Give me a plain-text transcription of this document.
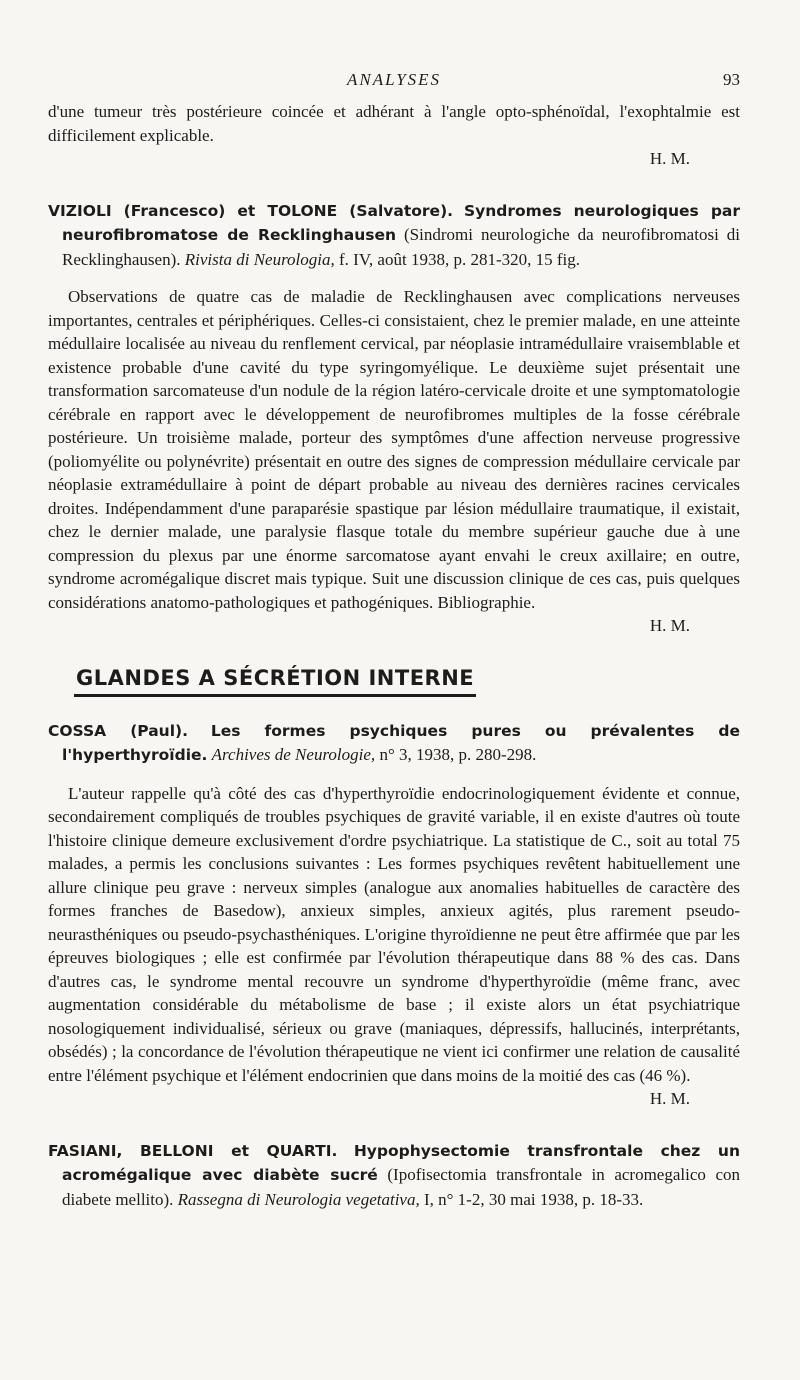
ANALYSES	93

d'une tumeur très postérieure coincée et adhérant à l'angle opto-sphénoïdal, l'exophtalmie est difficilement explicable.

H. M.

VIZIOLI (Francesco) et TOLONE (Salvatore). Syndromes neurologiques par neurofibromatose de Recklinghausen (Sindromi neurologiche da neurofibromatosi di Recklinghausen). Rivista di Neurologia, f. IV, août 1938, p. 281-320, 15 fig.

Observations de quatre cas de maladie de Recklinghausen avec complications nerveuses importantes, centrales et périphériques. Celles-ci consistaient, chez le premier malade, en une atteinte médullaire localisée au niveau du renflement cervical, par néoplasie intramédullaire vraisemblable et existence probable d'une cavité du type syringomyélique. Le deuxième sujet présentait une transformation sarcomateuse d'un nodule de la région latéro-cervicale droite et une symptomatologie cérébrale en rapport avec le développement de neurofibromes multiples de la fosse cérébrale postérieure. Un troisième malade, porteur des symptômes d'une affection nerveuse progressive (poliomyélite ou polynévrite) présentait en outre des signes de compression médullaire cervicale par néoplasie extramédullaire à point de départ probable au niveau des dernières racines cervicales droites. Indépendamment d'une paraparésie spastique par lésion médullaire traumatique, il existait, chez le dernier malade, une paralysie flasque totale du membre supérieur gauche due à une compression du plexus par une énorme sarcomatose ayant envahi le creux axillaire; en outre, syndrome acromégalique discret mais typique. Suit une discussion clinique de ces cas, puis quelques considérations anatomo-pathologiques et pathogéniques. Bibliographie.

H. M.

GLANDES A SÉCRÉTION INTERNE

COSSA (Paul). Les formes psychiques pures ou prévalentes de l'hyperthyroïdie. Archives de Neurologie, n° 3, 1938, p. 280-298.

L'auteur rappelle qu'à côté des cas d'hyperthyroïdie endocrinologiquement évidente et connue, secondairement compliqués de troubles psychiques de gravité variable, il en existe d'autres où toute l'histoire clinique demeure exclusivement d'ordre psychiatrique. La statistique de C., soit au total 75 malades, a permis les conclusions suivantes : Les formes psychiques revêtent habituellement une allure clinique peu grave : nerveux simples (analogue aux anomalies habituelles de caractère des formes franches de Basedow), anxieux simples, anxieux agités, plus rarement pseudo-neurasthéniques ou pseudo-psychasthéniques. L'origine thyroïdienne ne peut être affirmée que par les épreuves biologiques ; elle est confirmée par l'évolution thérapeutique dans 88 % des cas. Dans d'autres cas, le syndrome mental recouvre un syndrome d'hyperthyroïdie (même franc, avec augmentation considérable du métabolisme de base ; il existe alors un état psychiatrique nosologiquement individualisé, sérieux ou grave (maniaques, dépressifs, hallucinés, interprétants, obsédés) ; la concordance de l'évolution thérapeutique ne vient ici confirmer une relation de causalité entre l'élément psychique et l'élément endocrinien que dans moins de la moitié des cas (46 %).

H. M.

FASIANI, BELLONI et QUARTI. Hypophysectomie transfrontale chez un acromégalique avec diabète sucré (Ipofisectomia transfrontale in acromegalico con diabete mellito). Rassegna di Neurologia vegetativa, I, n° 1-2, 30 mai 1938, p. 18-33.
